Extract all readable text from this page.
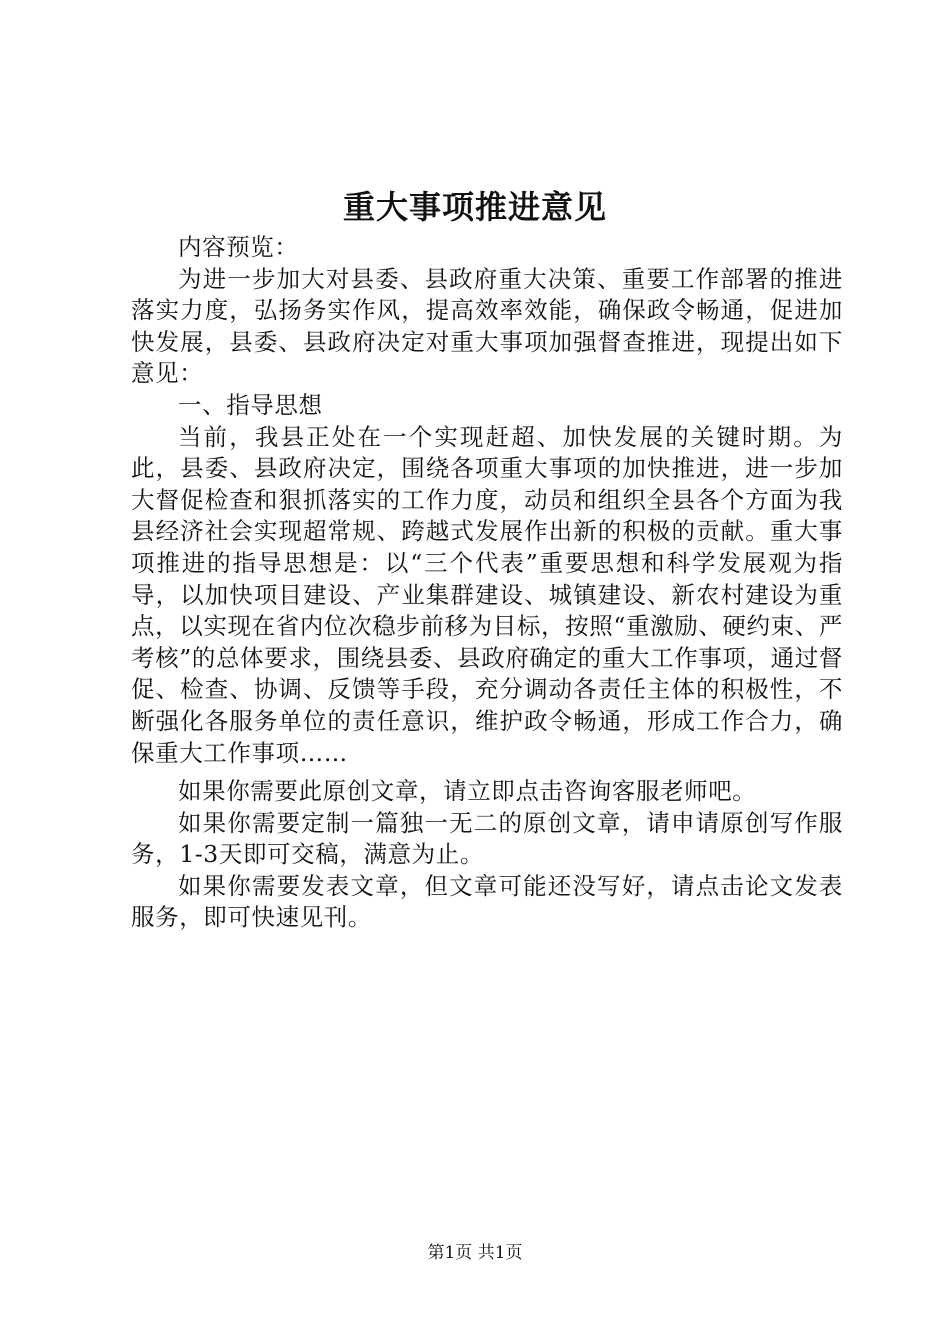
重大事项推进意见

内容预览：

为进一步加大对县委、县政府重大决策、重要工作部署的推进落实力度，弘扬务实作风，提高效率效能，确保政令畅通，促进加快发展，县委、县政府决定对重大事项加强督查推进，现提出如下意见：

一、指导思想

当前，我县正处在一个实现赶超、加快发展的关键时期。为此，县委、县政府决定，围绕各项重大事项的加快推进，进一步加大督促检查和狠抓落实的工作力度，动员和组织全县各个方面为我县经济社会实现超常规、跨越式发展作出新的积极的贡献。重大事项推进的指导思想是：以“三个代表”重要思想和科学发展观为指导，以加快项目建设、产业集群建设、城镇建设、新农村建设为重点，以实现在省内位次稳步前移为目标，按照“重激励、硬约束、严考核”的总体要求，围绕县委、县政府确定的重大工作事项，通过督促、检查、协调、反馈等手段，充分调动各责任主体的积极性，不断强化各服务单位的责任意识，维护政令畅通，形成工作合力，确保重大工作事项……

如果你需要此原创文章，请立即点击咨询客服老师吧。

如果你需要定制一篇独一无二的原创文章，请申请原创写作服务，1-3天即可交稿，满意为止。

如果你需要发表文章，但文章可能还没写好，请点击论文发表服务，即可快速见刊。

第1页 共1页
